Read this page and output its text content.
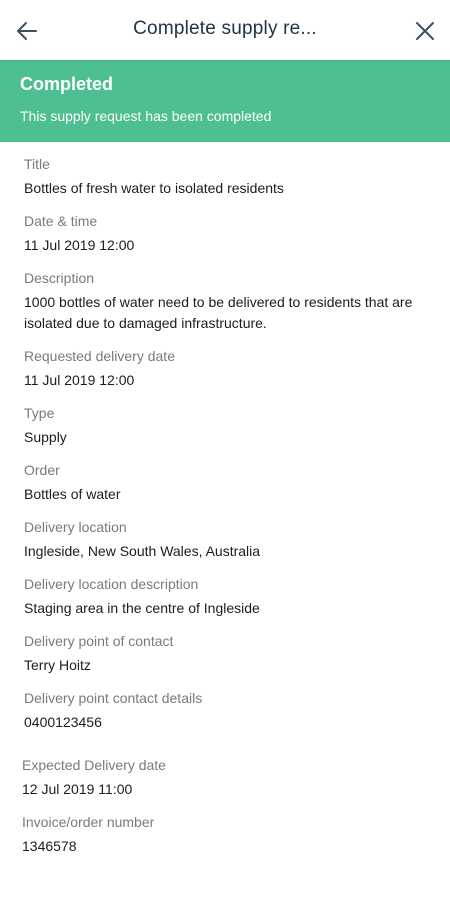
Complete supply re...
Completed
This supply request has been completed
Title
Bottles of fresh water to isolated residents
Date & time
11 Jul 2019 12:00
Description
1000 bottles of water need to be delivered to residents that are isolated due to damaged infrastructure.
Requested delivery date
11 Jul 2019 12:00
Type
Supply
Order
Bottles of water
Delivery location
Ingleside, New South Wales, Australia
Delivery location description
Staging area in the centre of Ingleside
Delivery point of contact
Terry Hoitz
Delivery point contact details
0400123456
Expected Delivery date
12 Jul 2019 11:00
Invoice/order number
1346578
